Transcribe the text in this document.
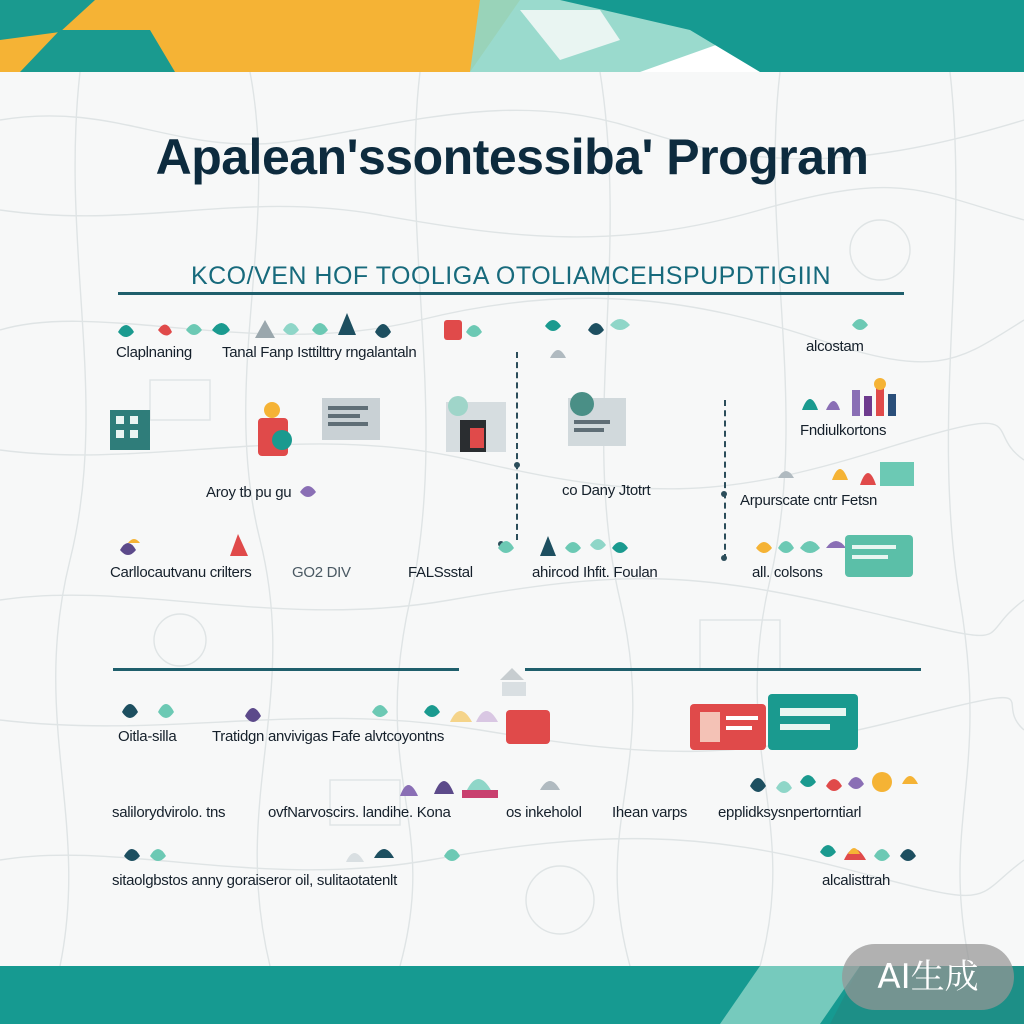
Apalean'ssontessiba' Program
KCO/VEN HOF TOOLIGA OTOLIAMCEHSPUPDTIGIIN
Claplnaning Tanal Fanp Isttilttry rngalantaln	alcostam
Fndiulkortons
Aroy tb pu gu	co Dany Jtotrt
Arpurscate cntr Fetsn
Carllocautvanu crilters	GO2 DIV	FALSsstal	ahircod Ihfit. Foulan	all. colsons
Oitla-silla Tratidgn anvivigas Fafe alvtcoyontns
salilorydvirolo. tns	ovfNarvoscirs. landihe. Kona	os inkeholol Ihean varps epplidksysnpertorntiarl
sitaolgbstos anny goraiseror oil, sulitaotatenlt	alcalisttrah
AI生成
